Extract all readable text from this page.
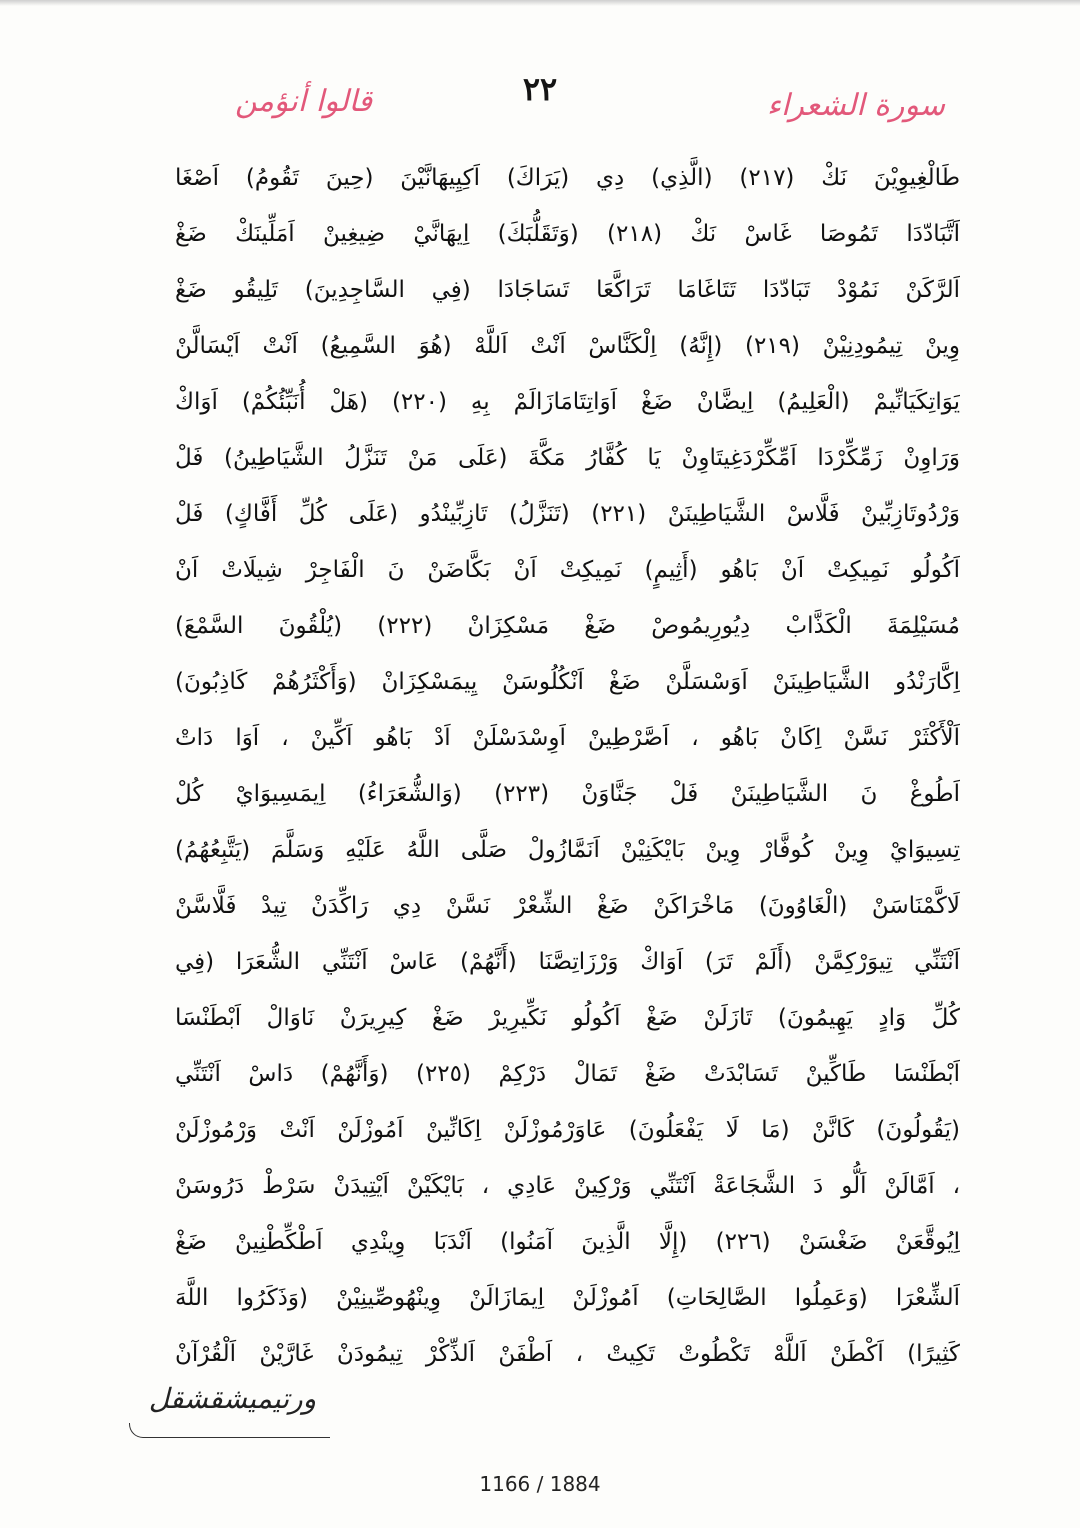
سورة الشعراء
٢٢
قالوا أنؤمن
طَالْغِيوِيْنَ نَكْ (٢١٧) (الَّذِي) دِي (يَرَاكَ) اَكِيِيهَانَّيْنَ (حِينَ تَقُومُ) اَصْغَا
اَتَّبَادّدَا تَمُوصَا غَاسْ نَكْ (٢١٨) (وَتَقَلُّبَكَ) اِيهَانَّيْ ضِيغِينْ اَمَلِّينَكْ ضَغْ
اَلرَّكَنْ نَمُوْدْ تَبَادّدَا تَتَاغَامَا تَرَاكَّعَا تَسَاجَادَا (فِي السَّاجِدِينَ) تَلِيقُو ضَغْ
وِينْ تِيمُودِنِيْنْ (٢١٩) (إِنَّهُ) اِلْكَنَّاسْ اَنْتْ اَللَّهْ (هُوَ السَّمِيعُ) اَنْتْ اَيْسَالَّنْ
يَوَاتِكَيَانِّيمْ (الْعَلِيمُ) اِيضَّانْ ضَغْ اَوَاتِتَامَازَالَمْ بِهِ (٢٢٠) (هَلْ أُنَبِّئُكُمْ) اَوَاكْ
وَرَاوِنْ زَمِّكِّرْدَا اَمِّكِّرْدَغِيتَاوِنْ يَا كُفَّارُ مَكَّةَ (عَلَى مَنْ تَنَزَّلُ الشَّيَاطِينُ) فَلْ
وَرْدُوتَازِبِّينْ فَلَّاسْ الشَّيَاطِينَنْ (٢٢١) (تَنَزَّلُ) تَازِبِّينْدُو (عَلَى كُلِّ أَفَّاكٍ) فَلْ
اَكُولُو نَمِيكِتْ اَنْ بَاهُو (أَثِيمٍ) نَمِيكِتْ اَنْ بَكَّاضَنْ نَ الْفَاجِرْ شِيلَاتْ اَنْ
مُسَيْلِمَةَ الْكَذَّابْ دِيُورِيمُوصْ ضَغْ مَسْكِزَانْ (٢٢٢) (يُلْقُونَ السَّمْعَ)
اِكَّارَنْدُو الشَّيَاطِينَنْ اَوَسْسَلَّنْ ضَغْ اَنْكُلُوسَنْ يِيمَسْكِزَانْ (وَأَكْثَرُهُمْ كَاذِبُونَ)
اَلْأَكْثَرْ نَسَّنْ اِكَانْ بَاهُو ، اَصَّرْطِينْ اَوِسْدَسْلَنْ اَدْ بَاهُو اَكِّينْ ، اَوَا دَاتْ
اَطُوغْ نَ الشَّيَاطِينَنْ فَلْ جَنَّاوَنْ (٢٢٣) (وَالشُّعَرَاءُ) اِيمَسِيوَايْ كُلْ
تِسِيوَايْ وِينْ كُوفَّارْ وِينْ بَايْكَنِيْنْ اَنَمَّازُولْ صَلَّى اللَّهُ عَلَيْهِ وَسَلَّمَ (يَتَّبِعُهُمُ)
لَاكَّمْنَاسَنْ (الْغَاوُونَ) مَاخْرَاكَنْ ضَغْ الشِّعْرْ نَسَّنْ دِي رَاكِّدَنْ تِيدْ فَلَّاسَّنْ
اَنْتَنِّي تِيوَرْكِمَّنْ (أَلَمْ تَرَ) اَوَاكْ وَرْزَاتِصَّنَا (أَنَّهُمْ) عَاسْ اَنْتَنِّي الشُّعَرَا (فِي
كُلِّ وَادٍ يَهِيمُونَ) تَازَلَنْ ضَغْ اَكُولُو نَكِّيرِيرْ ضَغْ كِيرِيرَنْ نَاوَالْ اَبْطَنْسَا
اَبْطَنْسَا طَاكِّينْ تَسَابْدَتْ ضَغْ تَمَالْ دَرْكِمْ (٢٢٥) (وَأَنَّهُمْ) دَاسْ اَنْتَنِّي
(يَقُولُونَ) كَانَّنْ (مَا لَا يَفْعَلُونَ) عَاوَرْمُوزْلَنْ اِكَانِّينْ اَمُوزْلَنْ اَنْتْ وَرْمُوزْلَنْ
، اَمَّالَنْ اَلُّو دَ الشَّجَاعَةْ اَنْتَنِّي وَرْكِينْ عَادِي ، بَايْكَيْنْ اَيْتِيدَنْ سَرْطْ دَرُوسَنْ
اِيُوقَّعَنْ ضَغْسَنْ (٢٢٦) (إِلَّا الَّذِينَ آمَنُوا) اَنْدَبَا وِينْدِي اَطْكِّطْنِينْ ضَغْ
اَلشِّعْرَا (وَعَمِلُوا الصَّالِحَاتِ) اَمُوزْلَنْ اِيمَازَالَنْ وِينْهُوصِّينِيْنْ (وَذَكَرُوا اللَّهَ
كَثِيرًا) اَكْطَنْ اَللَّهْ تَكْطُوتْ تَكِيتْ ، اَطْفَنْ اَلذِّكْرْ تِيمُودَنْ غَارَّيْنْ اَلْقُرْآنْ
ورتيميشقشقل
1166 / 1884
